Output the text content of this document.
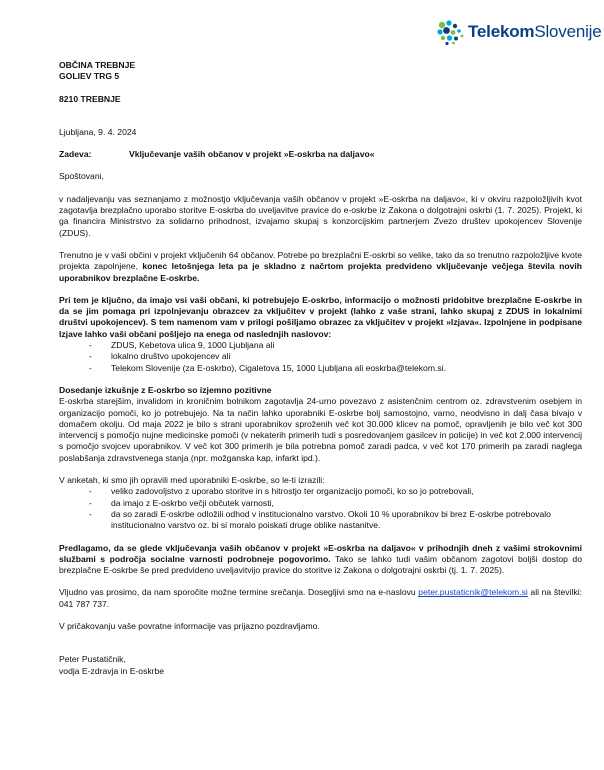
TelekomSlovenije
OBČINA TREBNJE
GOLIEV TRG 5
8210 TREBNJE
Ljubljana, 9. 4. 2024
Zadeva:	Vključevanje vaših občanov v projekt »E-oskrba na daljavo«
Spoštovani,

v nadaljevanju vas seznanjamo z možnostjo vključevanja vaših občanov v projekt »E-oskrba na daljavo«, ki v okviru razpoložljivih kvot zagotavlja brezplačno uporabo storitve E-oskrba do uveljavitve pravice do e-oskrbe iz Zakona o dolgotrajni oskrbi (1. 7. 2025). Projekt, ki ga financira Ministrstvo za solidarno prihodnost, izvajamo skupaj s konzorcijskim partnerjem Zvezo društev upokojencev Slovenije (ZDUS).

Trenutno je v vaši občini v projekt vključenih 64 občanov. Potrebe po brezplačni E-oskrbi so velike, tako da so trenutno razpoložljive kvote projekta zapolnjene, konec letošnjega leta pa je skladno z načrtom projekta predvideno vključevanje večjega števila novih uporabnikov brezplačne E-oskrbe.

Pri tem je ključno, da imajo vsi vaši občani, ki potrebujejo E-oskrbo, informacijo o možnosti pridobitve brezplačne E-oskrbe in da se jim pomaga pri izpolnjevanju obrazcev za vključitev v projekt (lahko z vaše strani, lahko skupaj z ZDUS in lokalnimi društvi upokojencev). S tem namenom vam v prilogi pošiljamo obrazec za vključitev v projekt »Izjava«. Izpolnjene in podpisane Izjave lahko vaši občani pošljejo na enega od naslednjih naslovov:

- ZDUS, Kebetova ulica 9, 1000 Ljubljana ali
- lokalno društvo upokojencev ali
- Telekom Slovenije (za E-oskrbo), Cigaletova 15, 1000 Ljubljana ali eoskrba@telekom.si.
Dosedanje izkušnje z E-oskrbo so izjemno pozitivne

E-oskrba starejšim, invalidom in kroničnim bolnikom zagotavlja 24-urno povezavo z asistenčnim centrom oz. zdravstvenim osebjem in organizacijo pomoči, ko jo potrebujejo. Na ta način lahko uporabniki E-oskrbe bolj samostojno, varno, neodvisno in dalj časa bivajo v domačem okolju. Od maja 2022 je bilo s strani uporabnikov sproženih več kot 30.000 klicev na pomoč, opravljenih je bilo več kot 300 intervencij s pomočjo nujne medicinske pomoči (v nekaterih primerih tudi s posredovanjem gasilcev in policije) in več kot 2.000 intervencij s pomočjo svojcev uporabnikov. V več kot 300 primerih je bila potrebna pomoč zaradi padca, v več kot 170 primerih pa zaradi naglega poslabšanja zdravstvenega stanja (npr. možganska kap, infarkt ipd.).

V anketah, ki smo jih opravili med uporabniki E-oskrbe, so le-ti izrazili:

- veliko zadovoljstvo z uporabo storitve in s hitrostjo ter organizacijo pomoči, ko so jo potrebovali,
- da imajo z E-oskrbo večji občutek varnosti,
- da so zaradi E-oskrbe odložili odhod v institucionalno varstvo. Okoli 10 % uporabnikov bi brez E-oskrbe potrebovalo institucionalno varstvo oz. bi si moralo poiskati druge oblike nastanitve.

Predlagamo, da se glede vključevanja vaših občanov v projekt »E-oskrba na daljavo« v prihodnjih dneh z vašimi strokovnimi službami s področja socialne varnosti podrobneje pogovorimo. Tako se lahko tudi vašim občanom zagotovi boljši dostop do brezplačne E-oskrbe še pred predvideno uveljavitvijo pravice do storitve iz Zakona o dolgotrajni oskrbi (tj. 1. 7. 2025).

Vljudno vas prosimo, da nam sporočite možne termine srečanja. Dosegljivi smo na e-naslovu peter.pustaticnik@telekom.si ali na številki: 041 787 737.

V pričakovanju vaše povratne informacije vas prijazno pozdravljamo.

Peter Pustatičnik,
vodja E-zdravja in E-oskrbe
